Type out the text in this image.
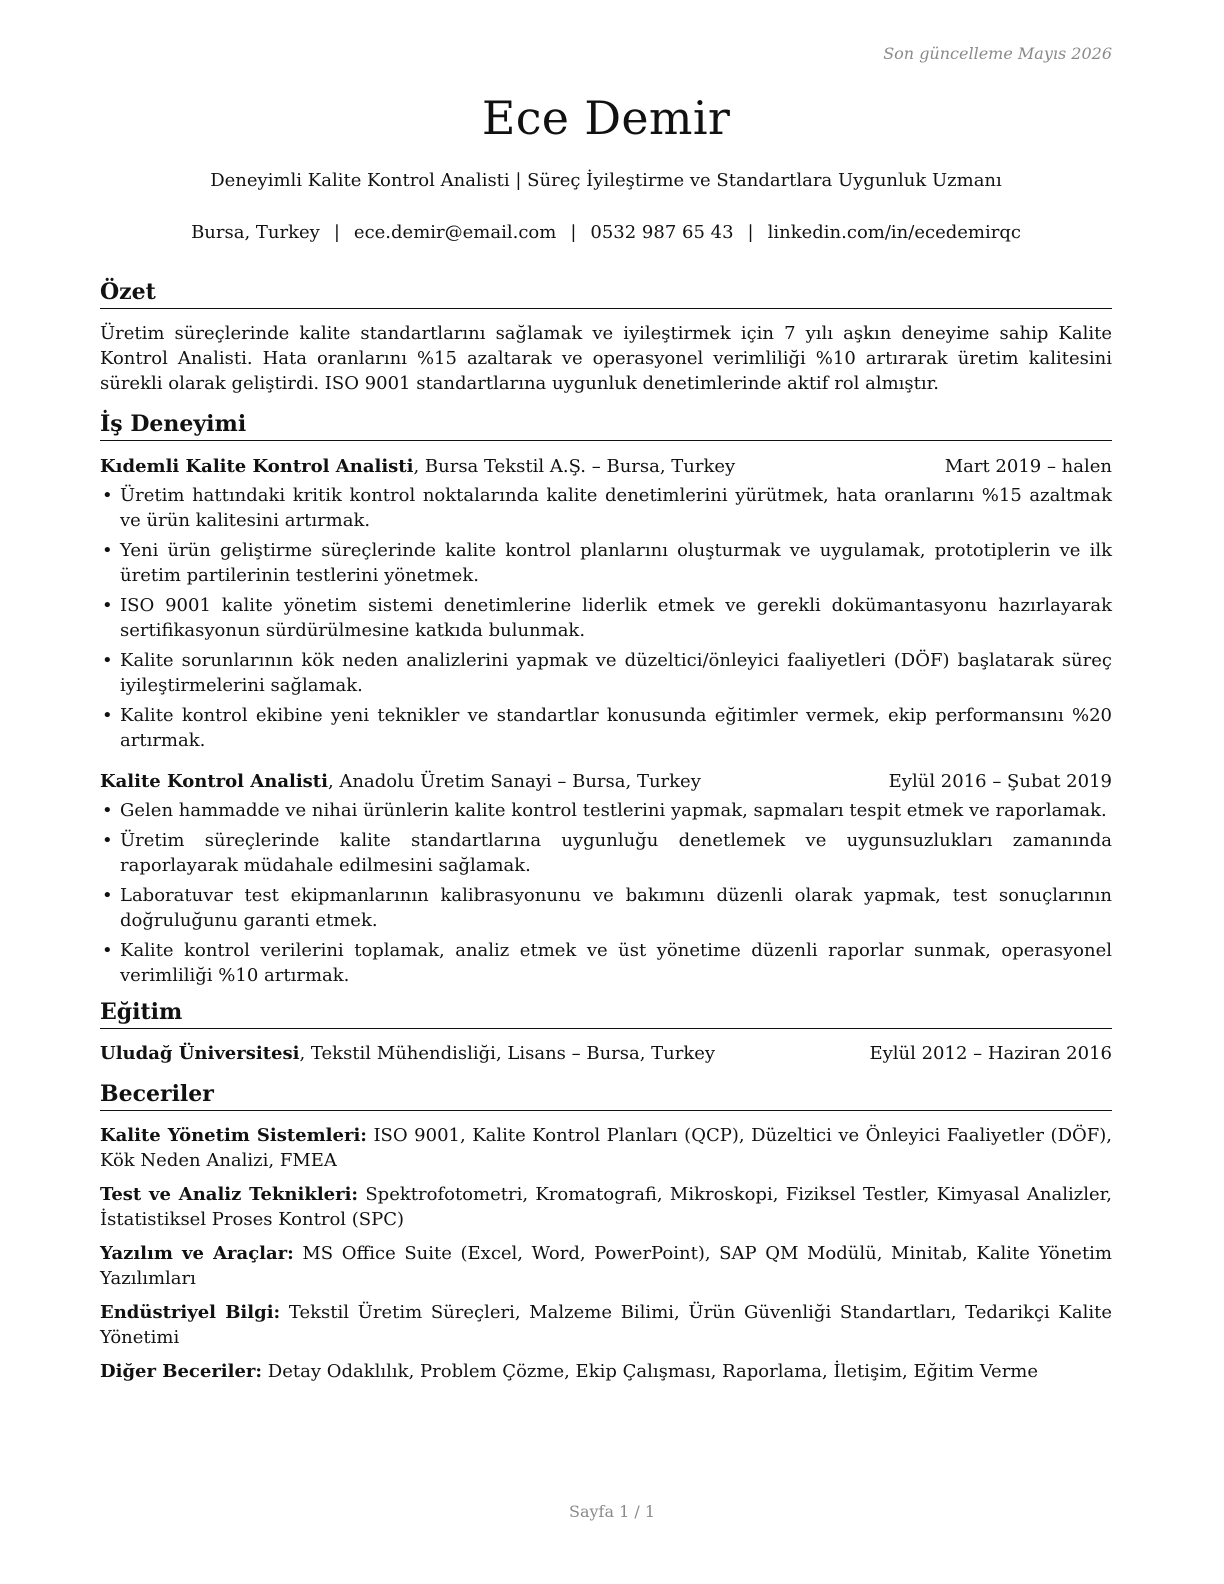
Son güncelleme Mayıs 2026
Ece Demir
Deneyimli Kalite Kontrol Analisti | Süreç İyileştirme ve Standartlara Uygunluk Uzmanı
Bursa, Turkey | ece.demir@email.com | 0532 987 65 43 | linkedin.com/in/ecedemirqc
Özet

Üretim süreçlerinde kalite standartlarını sağlamak ve iyileştirmek için 7 yılı aşkın deneyime sahip Kalite Kontrol Analisti. Hata oranlarını %15 azaltarak ve operasyonel verimliliği %10 artırarak üretim kalitesini sürekli olarak geliştirdi. ISO 9001 standartlarına uygunluk denetimlerinde aktif rol almıştır.

İş Deneyimi
Kıdemli Kalite Kontrol Analisti, Bursa Tekstil A.Ş. – Bursa, Turkey	Mart 2019 – halen
• Üretim hattındaki kritik kontrol noktalarında kalite denetimlerini yürütmek, hata oranlarını %15 azaltmak ve ürün kalitesini artırmak.
• Yeni ürün geliştirme süreçlerinde kalite kontrol planlarını oluşturmak ve uygulamak, prototiplerin ve ilk üretim partilerinin testlerini yönetmek.
• ISO 9001 kalite yönetim sistemi denetimlerine liderlik etmek ve gerekli dokümantasyonu hazırlayarak sertifikasyonun sürdürülmesine katkıda bulunmak.
• Kalite sorunlarının kök neden analizlerini yapmak ve düzeltici/önleyici faaliyetleri (DÖF) başlatarak süreç iyileştirmelerini sağlamak.
• Kalite kontrol ekibine yeni teknikler ve standartlar konusunda eğitimler vermek, ekip performansını %20 artırmak.
Kalite Kontrol Analisti, Anadolu Üretim Sanayi – Bursa, Turkey	Eylül 2016 – Şubat 2019
• Gelen hammadde ve nihai ürünlerin kalite kontrol testlerini yapmak, sapmaları tespit etmek ve raporlamak.
• Üretim süreçlerinde kalite standartlarına uygunluğu denetlemek ve uygunsuzlukları zamanında raporlayarak müdahale edilmesini sağlamak.
• Laboratuvar test ekipmanlarının kalibrasyonunu ve bakımını düzenli olarak yapmak, test sonuçlarının doğruluğunu garanti etmek.
• Kalite kontrol verilerini toplamak, analiz etmek ve üst yönetime düzenli raporlar sunmak, operasyonel verimliliği %10 artırmak.
Eğitim
Uludağ Üniversitesi, Tekstil Mühendisliği, Lisans – Bursa, Turkey	Eylül 2012 – Haziran 2016
Beceriler
Kalite Yönetim Sistemleri: ISO 9001, Kalite Kontrol Planları (QCP), Düzeltici ve Önleyici Faaliyetler (DÖF), Kök Neden Analizi, FMEA
Test ve Analiz Teknikleri: Spektrofotometri, Kromatografi, Mikroskopi, Fiziksel Testler, Kimyasal Analizler, İstatistiksel Proses Kontrol (SPC)
Yazılım ve Araçlar: MS Office Suite (Excel, Word, PowerPoint), SAP QM Modülü, Minitab, Kalite Yönetim Yazılımları
Endüstriyel Bilgi: Tekstil Üretim Süreçleri, Malzeme Bilimi, Ürün Güvenliği Standartları, Tedarikçi Kalite Yönetimi
Diğer Beceriler: Detay Odaklılık, Problem Çözme, Ekip Çalışması, Raporlama, İletişim, Eğitim Verme
Sayfa 1 / 1
